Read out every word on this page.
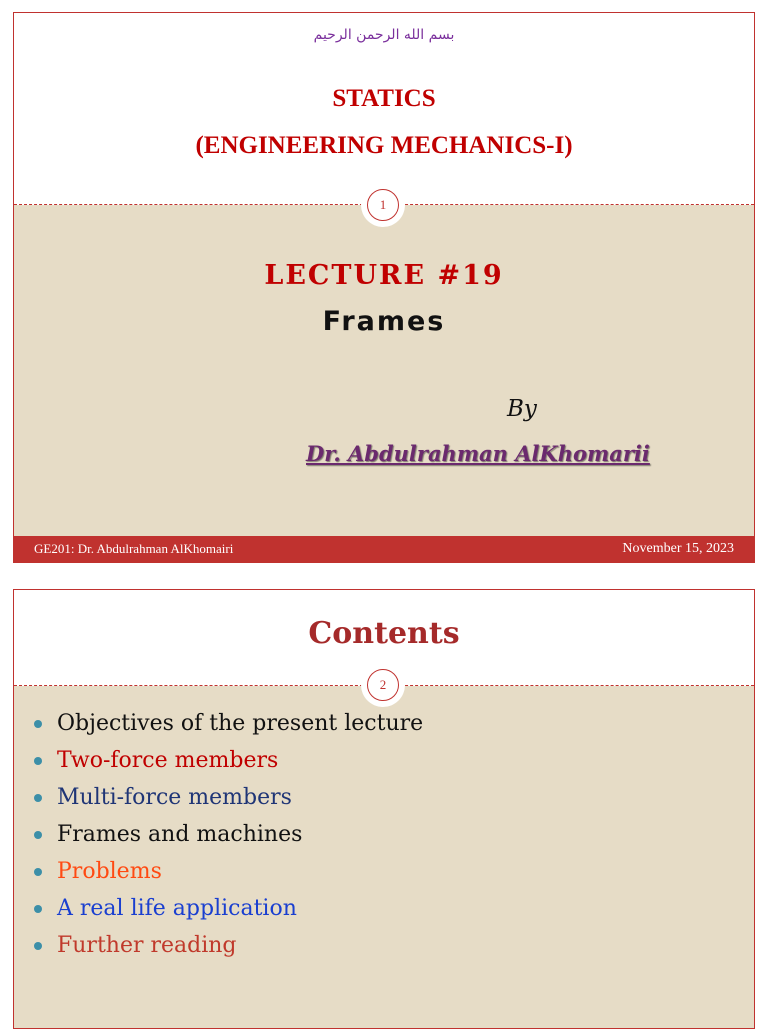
بسم الله الرحمن الرحيم
STATICS
(ENGINEERING MECHANICS-I)
1
LECTURE #19
Frames
By
Dr. Abdulrahman AlKhomarii
GE201: Dr. Abdulrahman AlKhomairi	November 15, 2023
Contents
2
Objectives of the present lecture
Two-force members
Multi-force members
Frames and machines
Problems
A real life application
Further reading
